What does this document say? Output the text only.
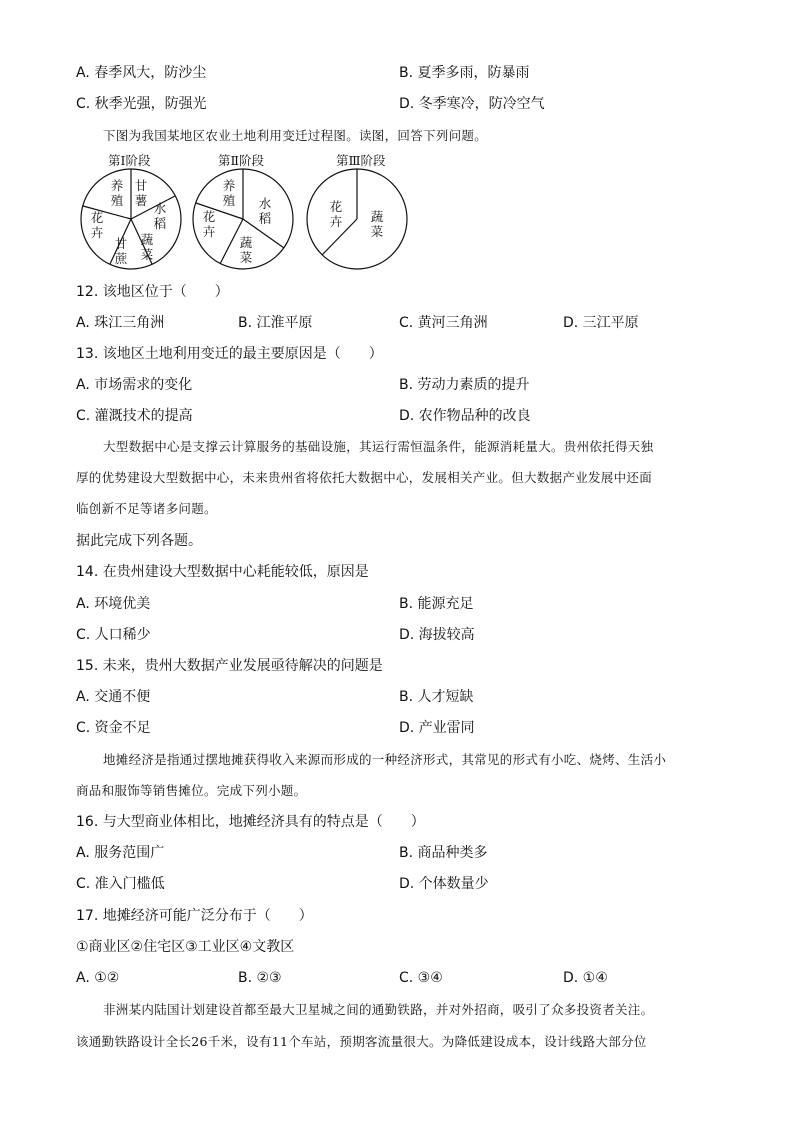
A. 春季风大，防沙尘	B. 夏季多雨，防暴雨
C. 秋季光强，防强光	D. 冬季寒冷，防冷空气
下图为我国某地区农业土地利用变迁过程图。读图，回答下列问题。
第Ⅰ阶段	第Ⅱ阶段	第Ⅲ阶段
养
殖
甘
薯
水
稻
蔬
菜
甘
蔗
花
卉
养
殖 水
稻
蔬
菜
花
卉
花
卉 蔬
菜
12. 该地区位于（　　）
A. 珠江三角洲	B. 江淮平原	C. 黄河三角洲	D. 三江平原
13. 该地区土地利用变迁的最主要原因是（　　）
A. 市场需求的变化	B. 劳动力素质的提升
C. 灌溉技术的提高	D. 农作物品种的改良
大型数据中心是支撑云计算服务的基础设施，其运行需恒温条件，能源消耗量大。贵州依托得天独
厚的优势建设大型数据中心，未来贵州省将依托大数据中心，发展相关产业。但大数据产业发展中还面
临创新不足等诸多问题。
据此完成下列各题。
14. 在贵州建设大型数据中心耗能较低，原因是
A. 环境优美	B. 能源充足
C. 人口稀少	D. 海拔较高
15. 未来，贵州大数据产业发展亟待解决的问题是
A. 交通不便	B. 人才短缺
C. 资金不足	D. 产业雷同
地摊经济是指通过摆地摊获得收入来源而形成的一种经济形式，其常见的形式有小吃、烧烤、生活小
商品和服饰等销售摊位。完成下列小题。
16. 与大型商业体相比，地摊经济具有的特点是（　　）
A. 服务范围广	B. 商品种类多
C. 准入门槛低	D. 个体数量少
17. 地摊经济可能广泛分布于（　　）
①商业区②住宅区③工业区④文教区
A. ①②	B. ②③	C. ③④	D. ①④
非洲某内陆国计划建设首都至最大卫星城之间的通勤铁路，并对外招商，吸引了众多投资者关注。
该通勤铁路设计全长26千米，设有11个车站，预期客流量很大。为降低建设成本，设计线路大部分位
